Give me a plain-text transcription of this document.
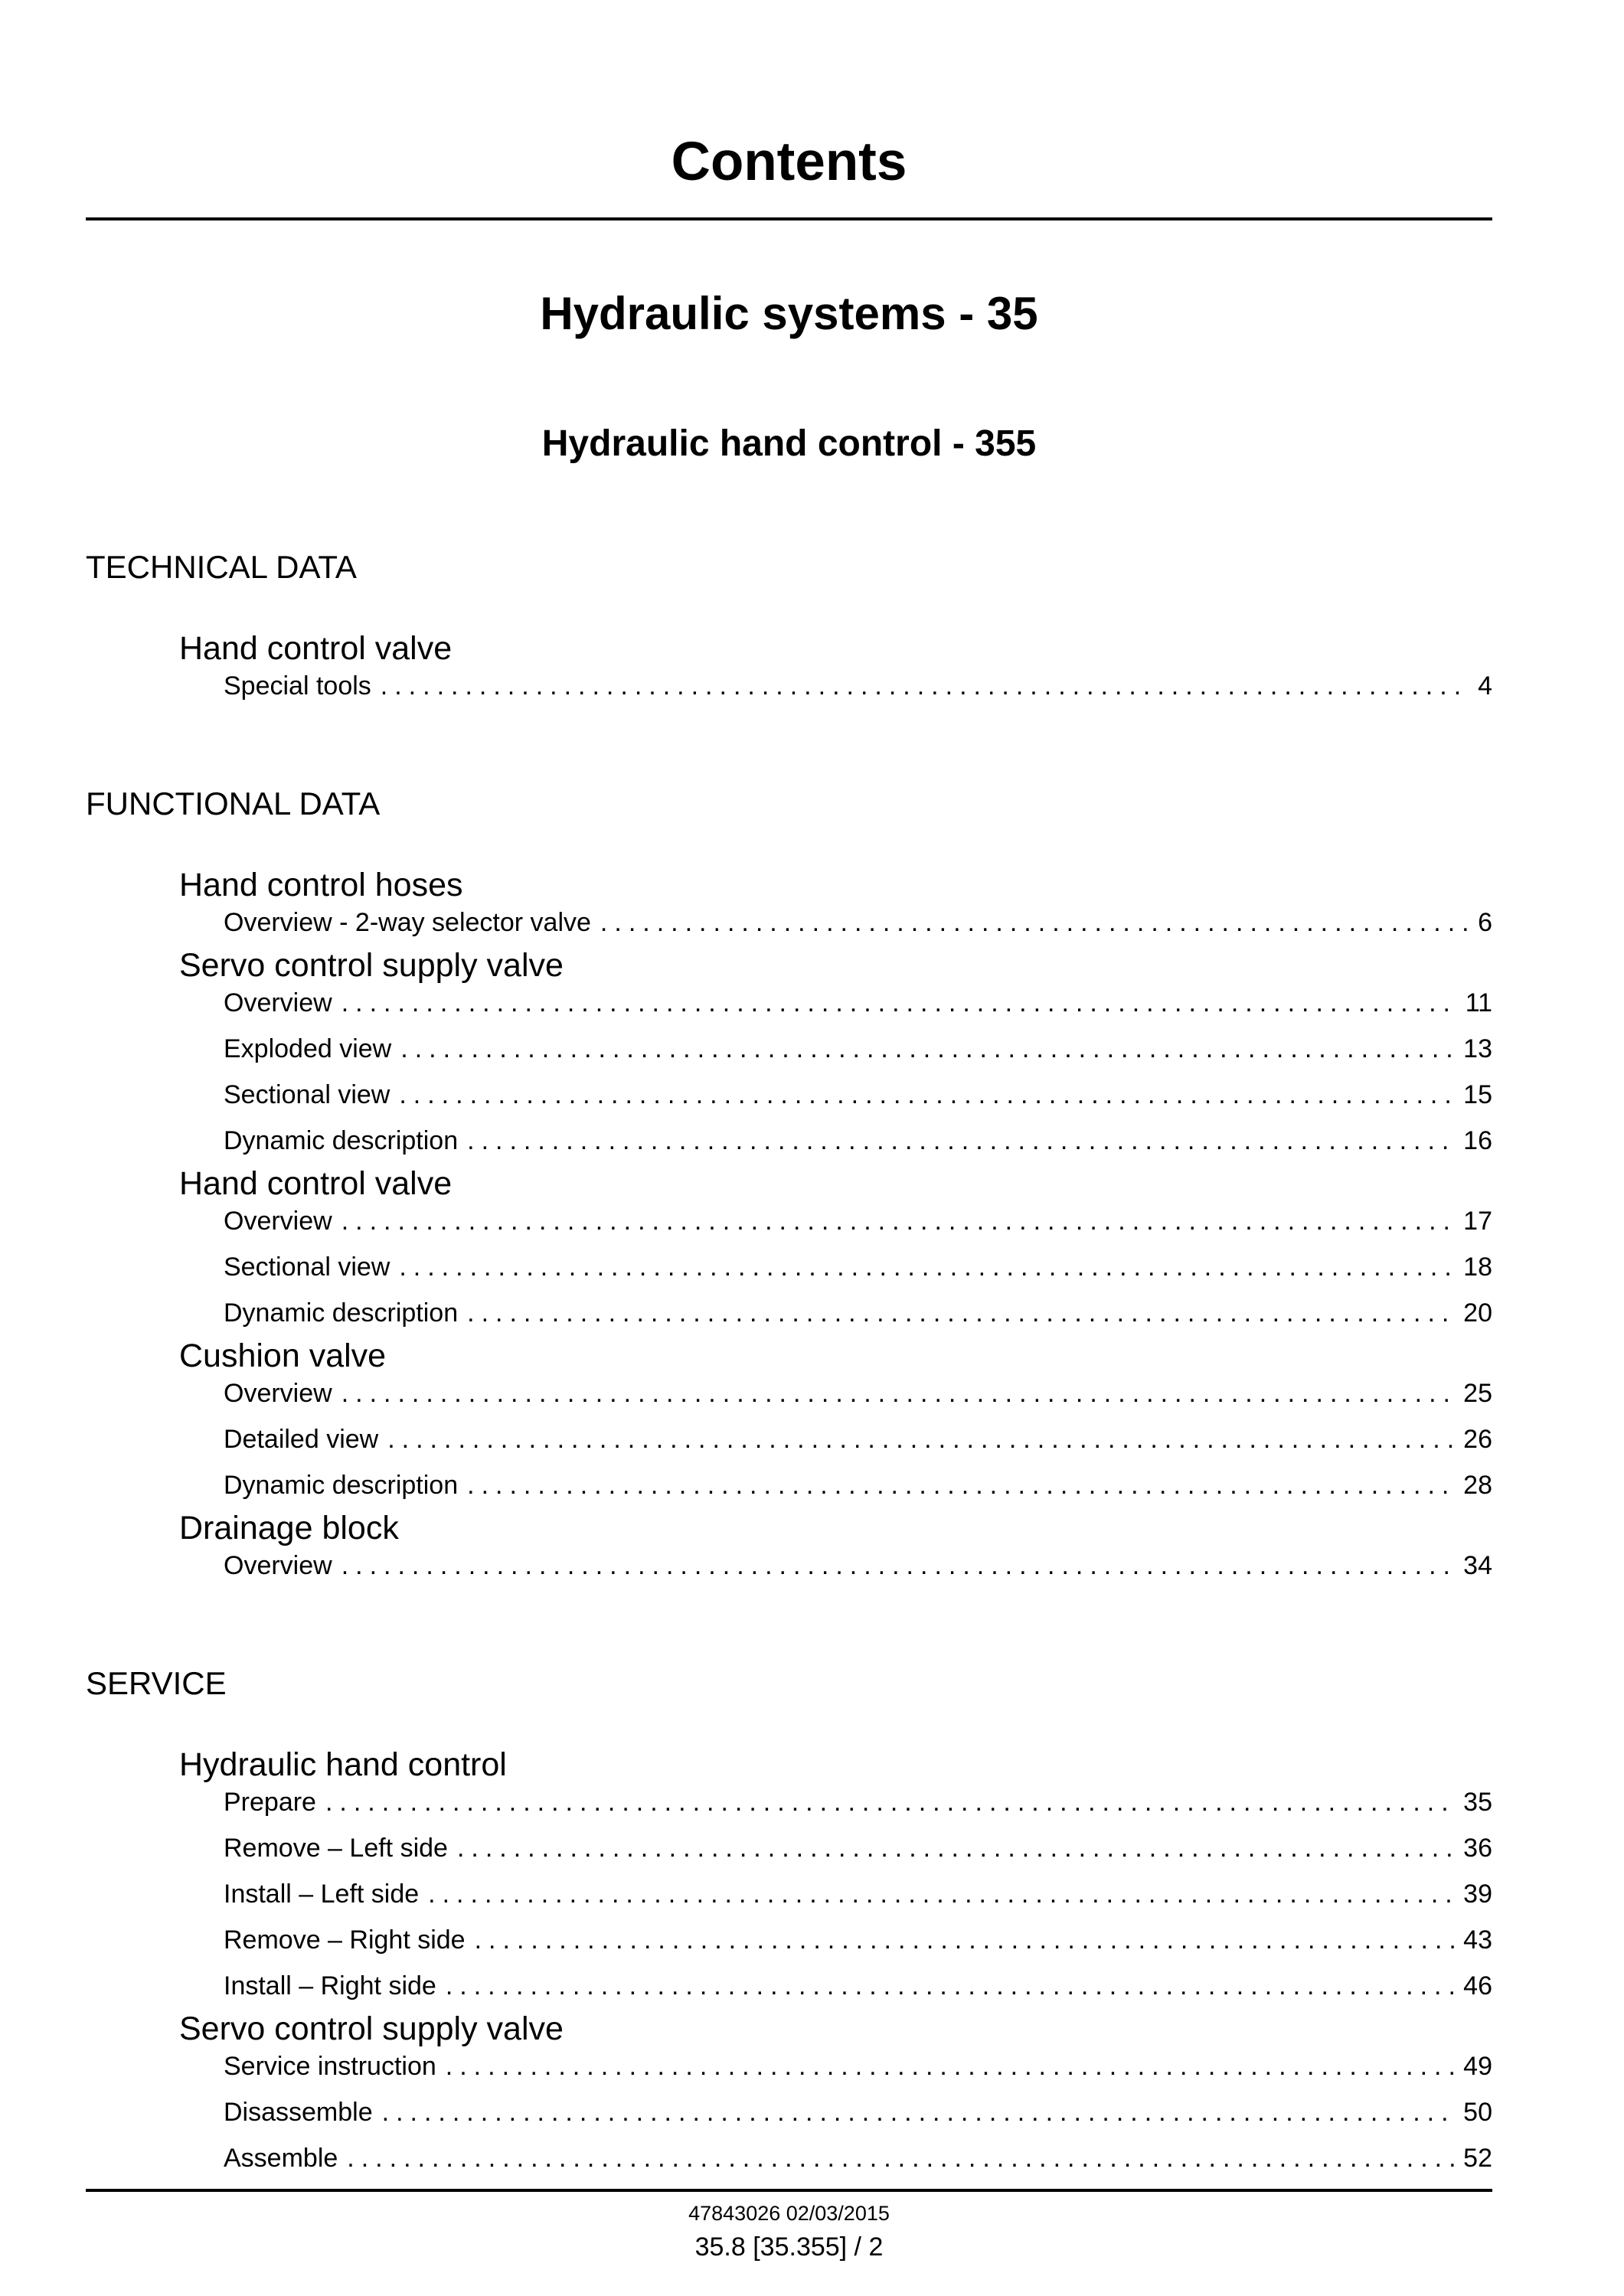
Contents
Hydraulic systems - 35
Hydraulic hand control - 355
TECHNICAL DATA
Hand control valve
Special tools .....	4
FUNCTIONAL DATA
Hand control hoses
Overview - 2-way selector valve .....	6
Servo control supply valve
Overview .....	11
Exploded view .....	13
Sectional view .....	15
Dynamic description .....	16
Hand control valve
Overview .....	17
Sectional view .....	18
Dynamic description .....	20
Cushion valve
Overview .....	25
Detailed view .....	26
Dynamic description .....	28
Drainage block
Overview .....	34
SERVICE
Hydraulic hand control
Prepare .....	35
Remove – Left side .....	36
Install – Left side .....	39
Remove – Right side .....	43
Install – Right side .....	46
Servo control supply valve
Service instruction .....	49
Disassemble .....	50
Assemble .....	52
47843026 02/03/2015
35.8 [35.355] / 2
